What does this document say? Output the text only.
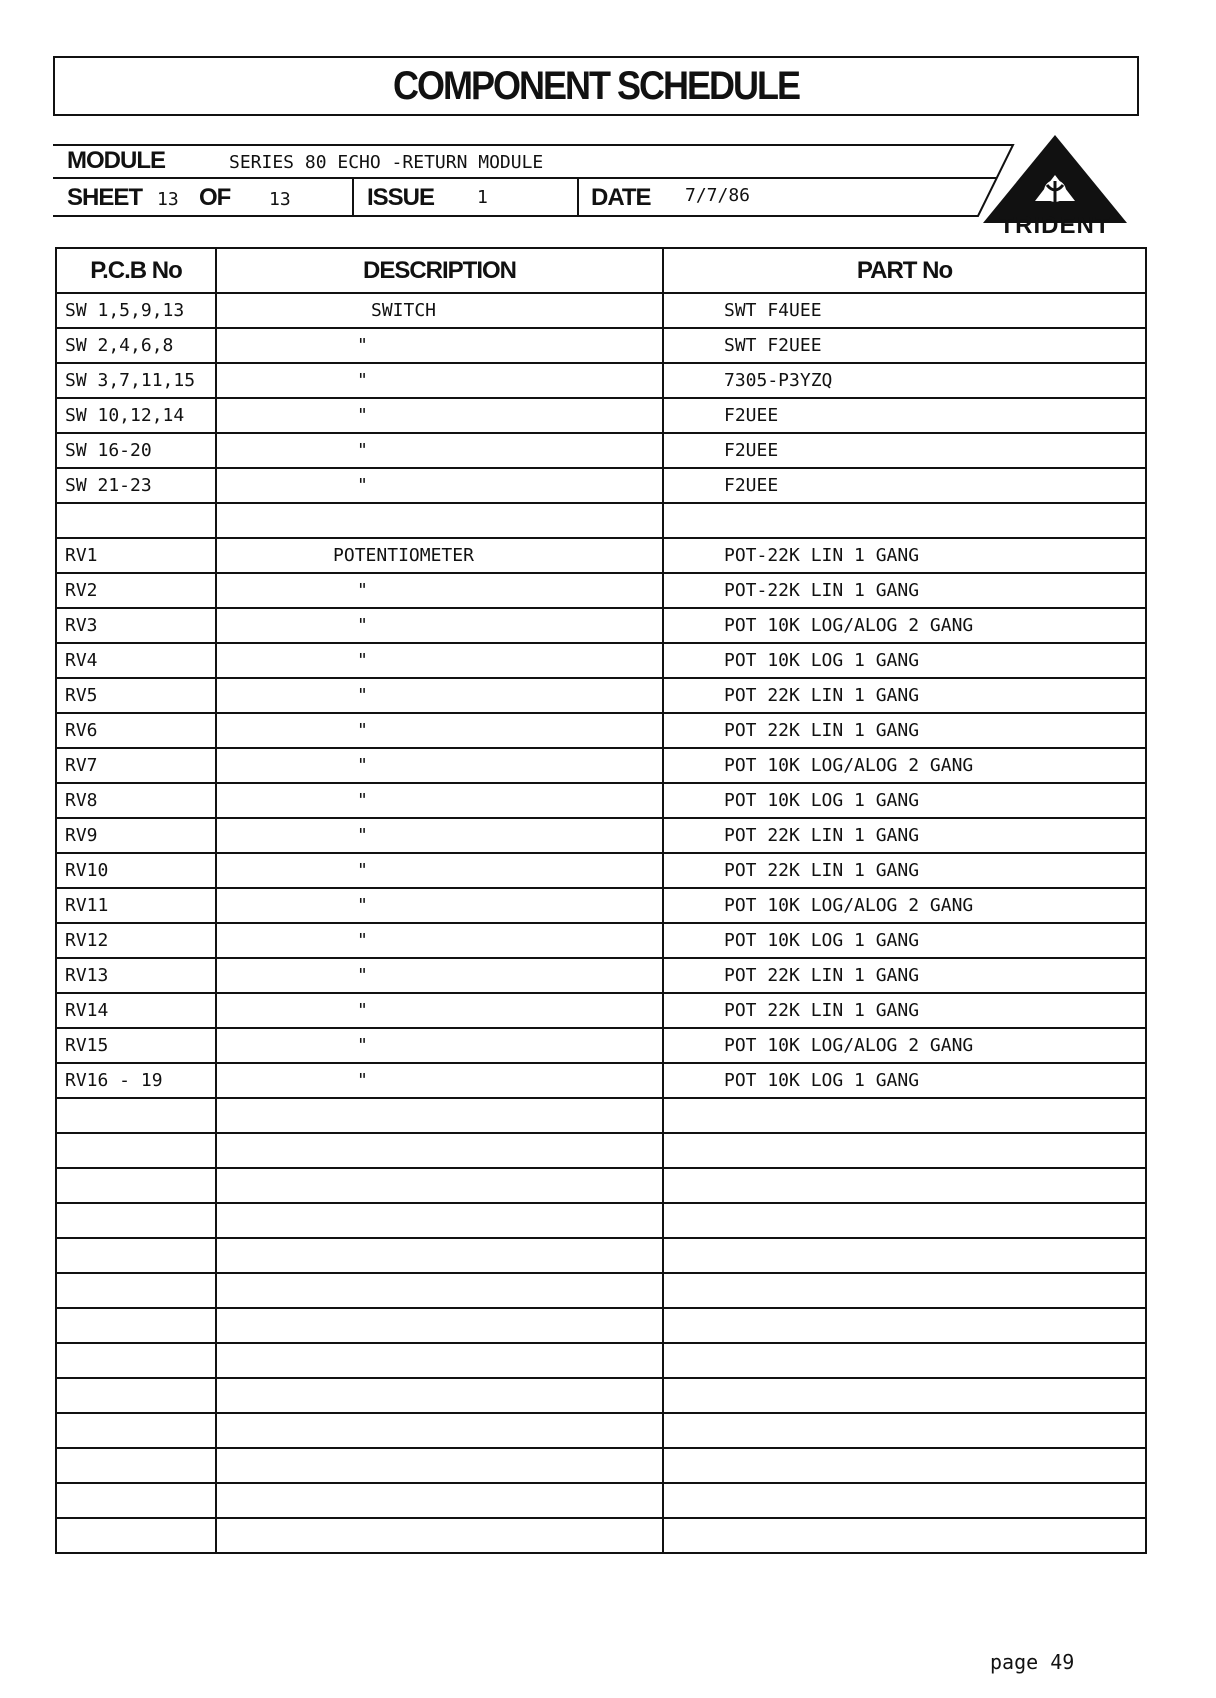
COMPONENT SCHEDULE
MODULE	SERIES 80 ECHO -RETURN MODULE
SHEET 13 OF 13	ISSUE 1	DATE 7/7/86
TRIDENT
P.C.B No	DESCRIPTION	PART No
SW 1,5,9,13	SWITCH	SWT F4UEE
SW 2,4,6,8	"	SWT F2UEE
SW 3,7,11,15	"	7305-P3YZQ
SW 10,12,14	"	F2UEE
SW 16-20	"	F2UEE
SW 21-23	"	F2UEE

RV1	POTENTIOMETER	POT-22K LIN 1 GANG
RV2	"	POT-22K LIN 1 GANG
RV3	"	POT 10K LOG/ALOG 2 GANG
RV4	"	POT 10K LOG 1 GANG
RV5	"	POT 22K LIN 1 GANG
RV6	"	POT 22K LIN 1 GANG
RV7	"	POT 10K LOG/ALOG 2 GANG
RV8	"	POT 10K LOG 1 GANG
RV9	"	POT 22K LIN 1 GANG
RV10	"	POT 22K LIN 1 GANG
RV11	"	POT 10K LOG/ALOG 2 GANG
RV12	"	POT 10K LOG 1 GANG
RV13	"	POT 22K LIN 1 GANG
RV14	"	POT 22K LIN 1 GANG
RV15	"	POT 10K LOG/ALOG 2 GANG
RV16 - 19	"	POT 10K LOG 1 GANG

page 49
